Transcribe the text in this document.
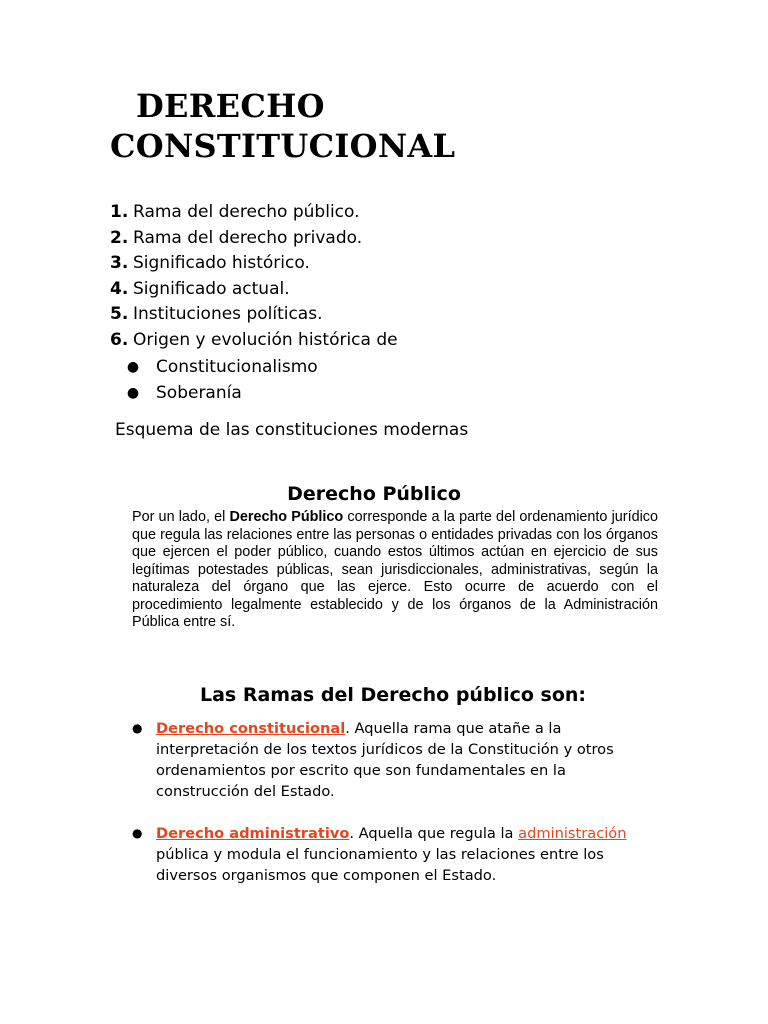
DERECHO
CONSTITUCIONAL
1. Rama del derecho público.
2. Rama del derecho privado.
3. Significado histórico.
4. Significado actual.
5. Instituciones políticas.
6. Origen y evolución histórica de
● Constitucionalismo
● Soberanía
Esquema de las constituciones modernas
Derecho Público

Por un lado, el Derecho Público corresponde a la parte del ordenamiento jurídico que regula las relaciones entre las personas o entidades privadas con los órganos que ejercen el poder público, cuando estos últimos actúan en ejercicio de sus legítimas potestades públicas, sean jurisdiccionales, administrativas, según la naturaleza del órgano que las ejerce. Esto ocurre de acuerdo con el procedimiento legalmente establecido y de los órganos de la Administración Pública entre sí.

Las Ramas del Derecho público son:
● Derecho constitucional. Aquella rama que atañe a la interpretación de los textos jurídicos de la Constitución y otros ordenamientos por escrito que son fundamentales en la construcción del Estado.
● Derecho administrativo. Aquella que regula la administración pública y modula el funcionamiento y las relaciones entre los diversos organismos que componen el Estado.
